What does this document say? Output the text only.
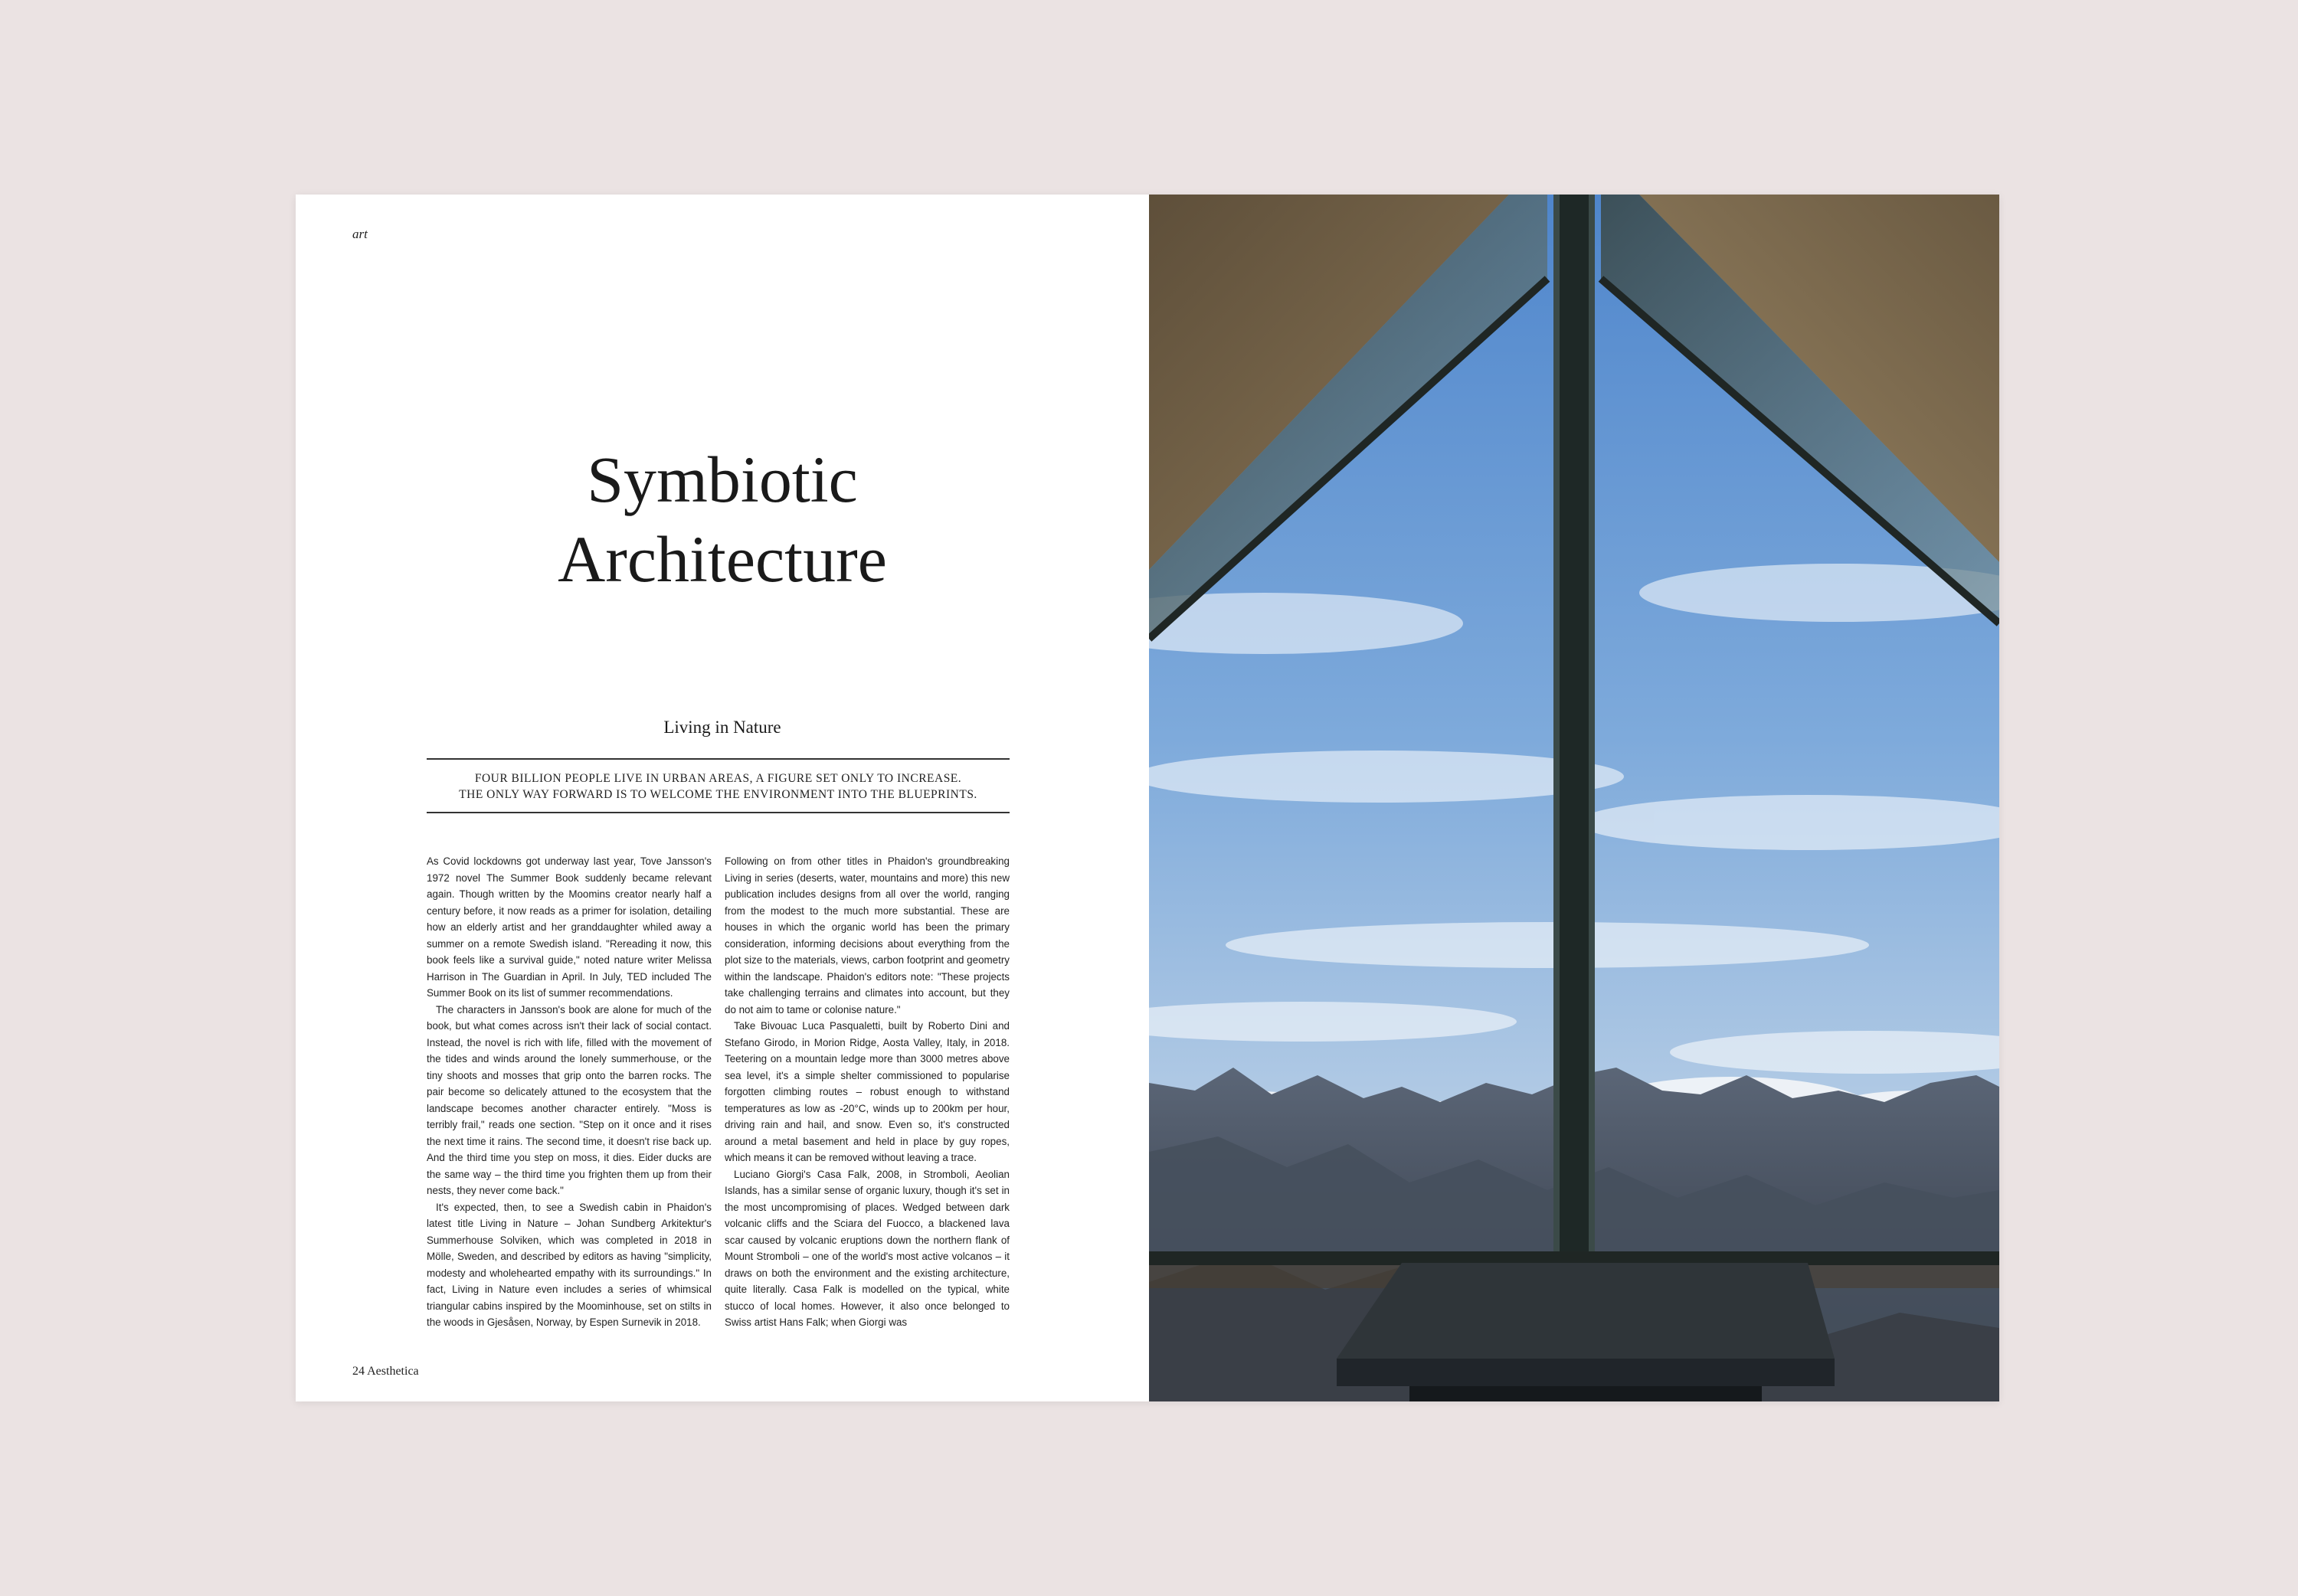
art
Symbiotic
Architecture
Living in Nature
FOUR BILLION PEOPLE LIVE IN URBAN AREAS, A FIGURE SET ONLY TO INCREASE.
THE ONLY WAY FORWARD IS TO WELCOME THE ENVIRONMENT INTO THE BLUEPRINTS.

As Covid lockdowns got underway last year, Tove Jansson's 1972 novel The Summer Book suddenly became relevant again. Though written by the Moomins creator nearly half a century before, it now reads as a primer for isolation, detailing how an elderly artist and her granddaughter whiled away a summer on a remote Swedish island. "Rereading it now, this book feels like a survival guide," noted nature writer Melissa Harrison in The Guardian in April. In July, TED included The Summer Book on its list of summer recommendations.

The characters in Jansson's book are alone for much of the book, but what comes across isn't their lack of social contact. Instead, the novel is rich with life, filled with the movement of the tides and winds around the lonely summerhouse, or the tiny shoots and mosses that grip onto the barren rocks. The pair become so delicately attuned to the ecosystem that the landscape becomes another character entirely. "Moss is terribly frail," reads one section. "Step on it once and it rises the next time it rains. The second time, it doesn't rise back up. And the third time you step on moss, it dies. Eider ducks are the same way – the third time you frighten them up from their nests, they never come back."

It's expected, then, to see a Swedish cabin in Phaidon's latest title Living in Nature – Johan Sundberg Arkitektur's Summerhouse Solviken, which was completed in 2018 in Mölle, Sweden, and described by editors as having "simplicity, modesty and wholehearted empathy with its surroundings." In fact, Living in Nature even includes a series of whimsical triangular cabins inspired by the Moominhouse, set on stilts in the woods in Gjesåsen, Norway, by Espen Surnevik in 2018.

Following on from other titles in Phaidon's groundbreaking Living in series (deserts, water, mountains and more) this new publication includes designs from all over the world, ranging from the modest to the much more substantial. These are houses in which the organic world has been the primary consideration, informing decisions about everything from the plot size to the materials, views, carbon footprint and geometry within the landscape. Phaidon's editors note: "These projects take challenging terrains and climates into account, but they do not aim to tame or colonise nature."

Take Bivouac Luca Pasqualetti, built by Roberto Dini and Stefano Girodo, in Morion Ridge, Aosta Valley, Italy, in 2018. Teetering on a mountain ledge more than 3000 metres above sea level, it's a simple shelter commissioned to popularise forgotten climbing routes – robust enough to withstand temperatures as low as -20°C, winds up to 200km per hour, driving rain and hail, and snow. Even so, it's constructed around a metal basement and held in place by guy ropes, which means it can be removed without leaving a trace.

Luciano Giorgi's Casa Falk, 2008, in Stromboli, Aeolian Islands, has a similar sense of organic luxury, though it's set in the most uncompromising of places. Wedged between dark volcanic cliffs and the Sciara del Fuocco, a blackened lava scar caused by volcanic eruptions down the northern flank of Mount Stromboli – one of the world's most active volcanos – it draws on both the environment and the existing architecture, quite literally. Casa Falk is modelled on the typical, white stucco of local homes. However, it also once belonged to Swiss artist Hans Falk; when Giorgi was

24 Aesthetica
